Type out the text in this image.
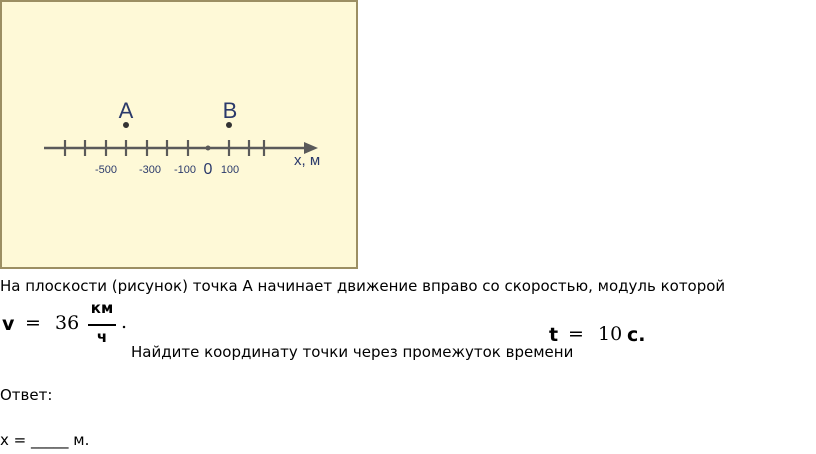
A	B
-500 -300 -100 0 100
x, м
На плоскости (рисунок) точка А начинает движение вправо со скоростью, модуль которой
v = 36
км
ч
.
Найдите координату точки через промежуток времени
t = 10 с.
Ответ:
x = _____ м.
